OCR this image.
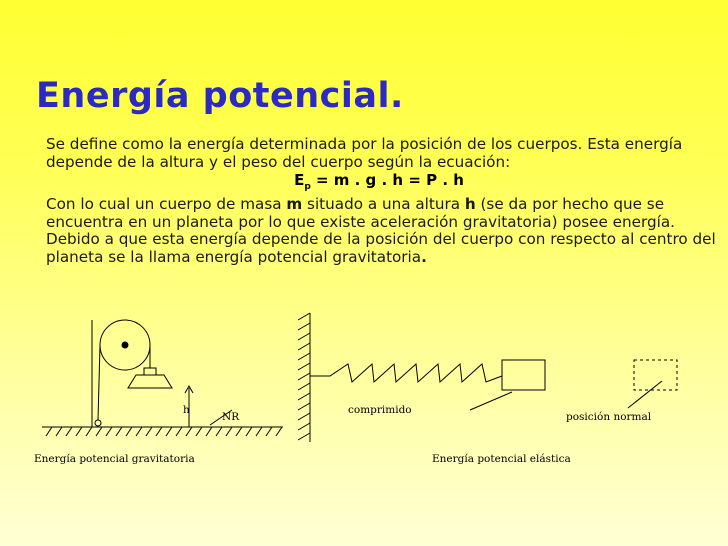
Energía potencial.

Se define como la energía determinada por la posición de los cuerpos. Esta energía depende de la altura y el peso del cuerpo según la ecuación:

$E_p = m$ . g . h = P . h

Con lo cual un cuerpo de masa m situado a una altura h (se da por hecho que se encuentra en un planeta por lo que existe aceleración gravitatoria) posee energía. Debido a que esta energía depende de la posición del cuerpo con respecto al centro del planeta se la llama energía potencial gravitatoria.

h
NR
Energía potencial gravitatoria
comprimido
posición normal
Energía potencial elástica
